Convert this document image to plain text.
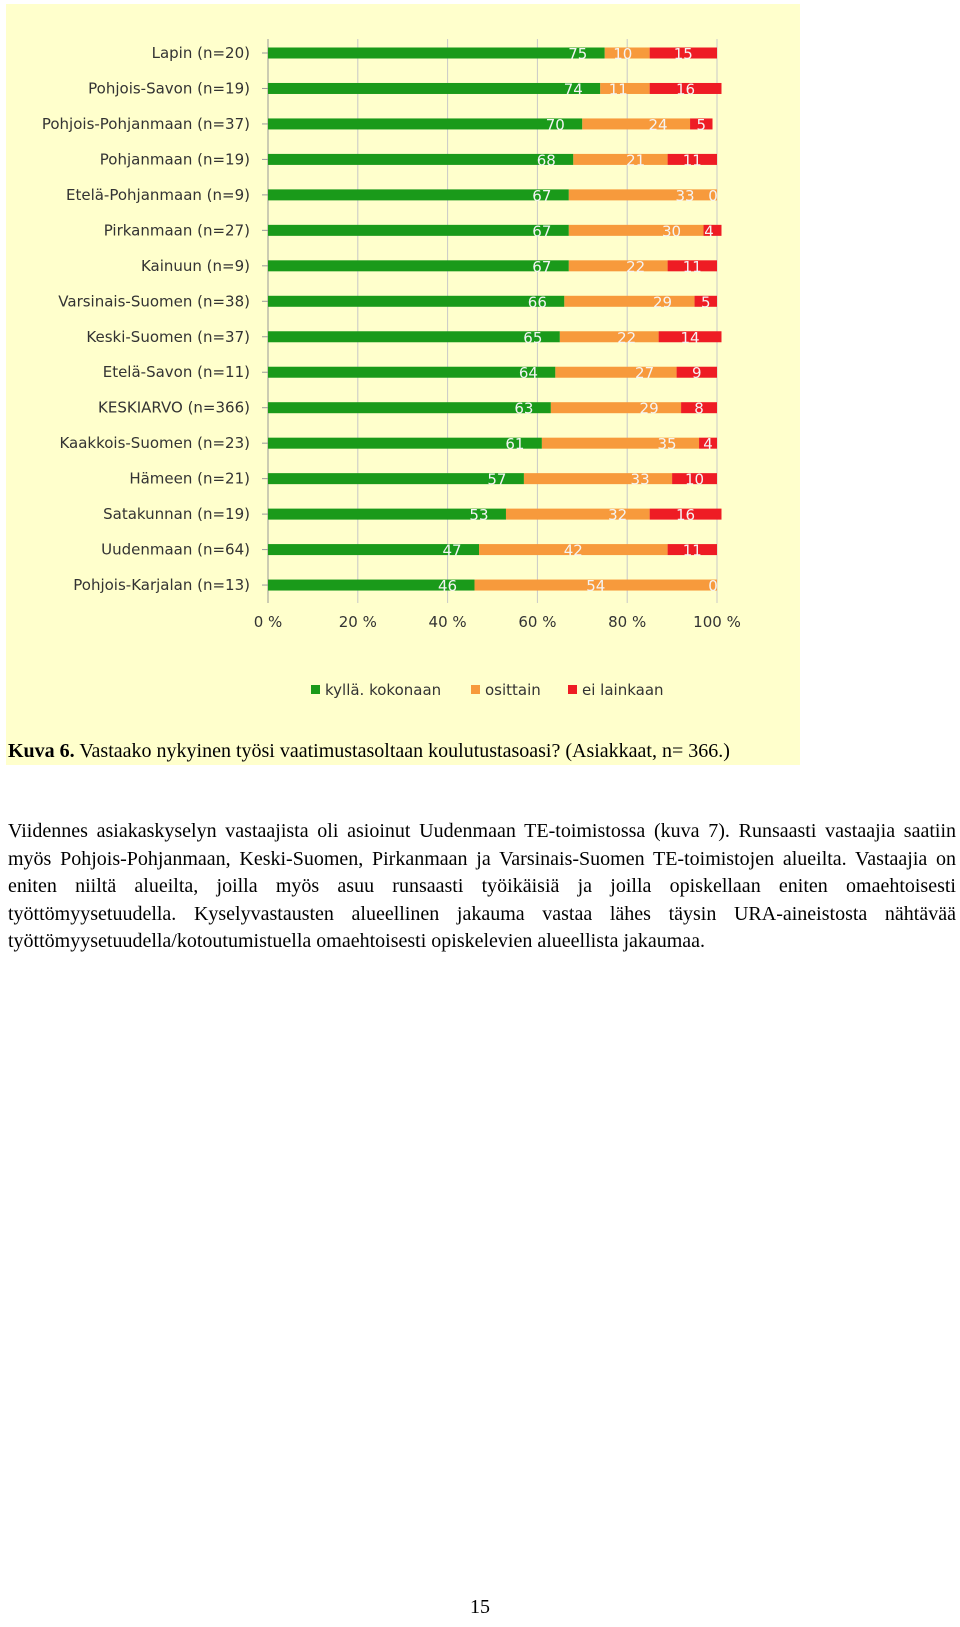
0 %	20 %	40 %	60 %	80 %	100 %
Lapin (n=20)	75 10	15
Pohjois-Savon (n=19)	74 11	16
Pohjois-Pohjanmaan (n=37)	70	24 5
Pohjanmaan (n=19)	68	21	11
Etelä-Pohjanmaan (n=9)	67	33 0
Pirkanmaan (n=27)	67	30 4
Kainuun (n=9)	67	22	11
Varsinais-Suomen (n=38)	66	29 5
Keski-Suomen (n=37)	65	22	14
Etelä-Savon (n=11)	64	27	9
KESKIARVO (n=366)	63	29 8
Kaakkois-Suomen (n=23)	61	35 4
Hämeen (n=21)	57	33 10
Satakunnan (n=19)	53	32	16
Uudenmaan (n=64)	47	42	11
Pohjois-Karjalan (n=13)	46	54	0
kyllä. kokonaan	osittain	ei lainkaan
Kuva 6. Vastaako nykyinen työsi vaatimustasoltaan koulutustasoasi? (Asiakkaat, n= 366.)
Viidennes asiakaskyselyn vastaajista oli asioinut Uudenmaan TE-toimistossa (kuva 7). Runsaasti vastaajia saatiin myös Pohjois-Pohjanmaan, Keski-Suomen, Pirkanmaan ja Varsinais-Suomen TE-toimistojen alueilta. Vastaajia on eniten niiltä alueilta, joilla myös asuu runsaasti työikäisiä ja joilla opiskellaan eniten omaehtoisesti työttömyysetuudella. Kyselyvastausten alueellinen jakauma vastaa lähes täysin URA-aineistosta nähtävää työttömyysetuudella/kotoutumistuella omaehtoisesti opiskelevien alueellista jakaumaa.
15
